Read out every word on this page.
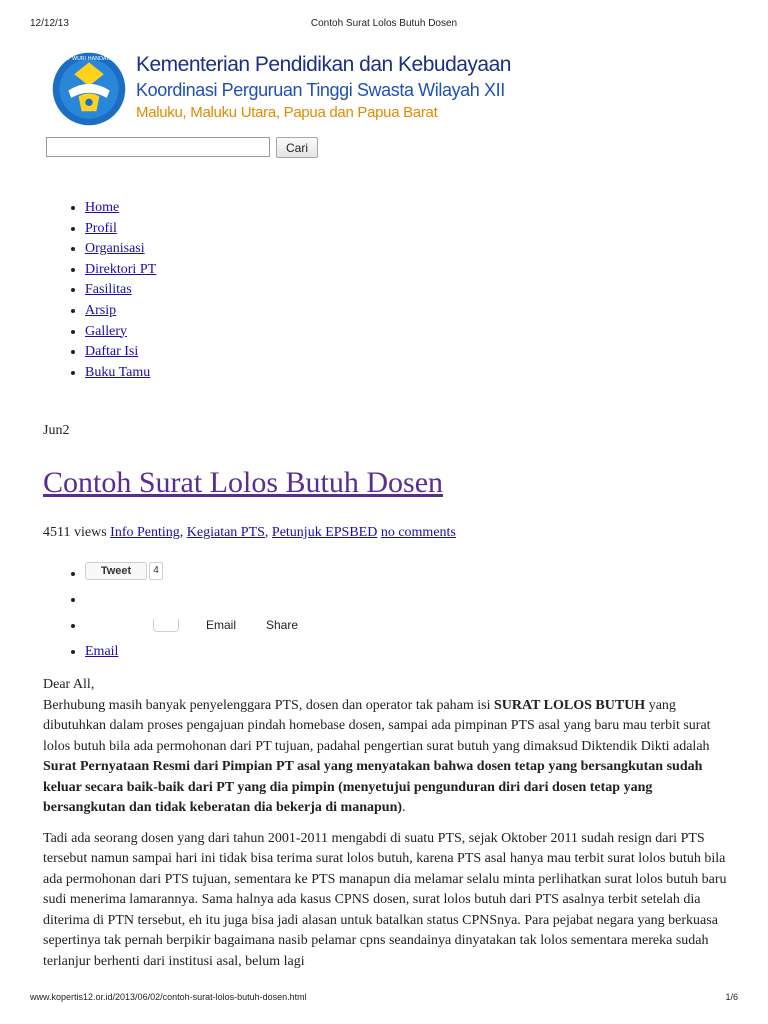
12/12/13	Contoh Surat Lolos Butuh Dosen
TUT WURI HANDAYANI Kementerian Pendidikan dan Kebudayaan
Koordinasi Perguruan Tinggi Swasta Wilayah XII
Maluku, Maluku Utara, Papua dan Papua Barat
Cari
• Home
• Profil
• Organisasi
• Direktori PT
• Fasilitas
• Arsip
• Gallery
• Daftar Isi
• Buku Tamu
Jun2
Contoh Surat Lolos Butuh Dosen
4511 views Info Penting, Kegiatan PTS, Petunjuk EPSBED no comments
• Tweet	4
•
• Email Share
• Email

Dear All,

Berhubung masih banyak penyelenggara PTS, dosen dan operator tak paham isi SURAT LOLOS BUTUH yang dibutuhkan dalam proses pengajuan pindah homebase dosen, sampai ada pimpinan PTS asal yang baru mau terbit surat lolos butuh bila ada permohonan dari PT tujuan, padahal pengertian surat butuh yang dimaksud Diktendik Dikti adalah Surat Pernyataan Resmi dari Pimpian PT asal yang menyatakan bahwa dosen tetap yang bersangkutan sudah keluar secara baik-baik dari PT yang dia pimpin (menyetujui pengunduran diri dari dosen tetap yang bersangkutan dan tidak keberatan dia bekerja di manapun).

Tadi ada seorang dosen yang dari tahun 2001-2011 mengabdi di suatu PTS, sejak Oktober 2011 sudah resign dari PTS tersebut namun sampai hari ini tidak bisa terima surat lolos butuh, karena PTS asal hanya mau terbit surat lolos butuh bila ada permohonan dari PTS tujuan, sementara ke PTS manapun dia melamar selalu minta perlihatkan surat lolos butuh baru sudi menerima lamarannya. Sama halnya ada kasus CPNS dosen, surat lolos butuh dari PTS asalnya terbit setelah dia diterima di PTN tersebut, eh itu juga bisa jadi alasan untuk batalkan status CPNSnya. Para pejabat negara yang berkuasa sepertinya tak pernah berpikir bagaimana nasib pelamar cpns seandainya dinyatakan tak lolos sementara mereka sudah terlanjur berhenti dari institusi asal, belum lagi

www.kopertis12.or.id/2013/06/02/contoh-surat-lolos-butuh-dosen.html	1/6
